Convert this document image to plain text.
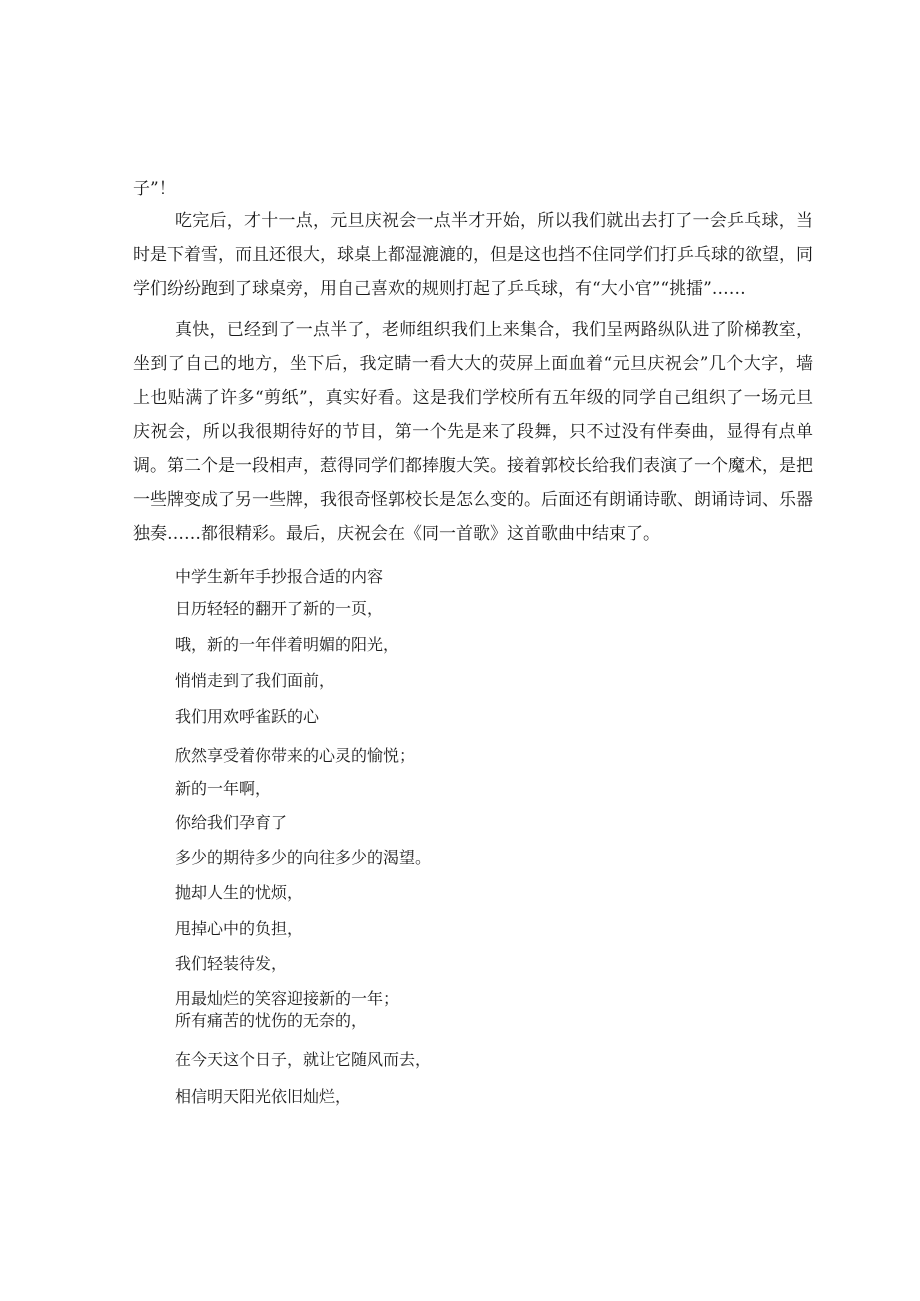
子”！

吃完后，才十一点，元旦庆祝会一点半才开始，所以我们就出去打了一会乒乓球，当时是下着雪，而且还很大，球桌上都湿漉漉的，但是这也挡不住同学们打乒乓球的欲望，同学们纷纷跑到了球桌旁，用自己喜欢的规则打起了乒乓球，有“大小官”“挑擂”……

真快，已经到了一点半了，老师组织我们上来集合，我们呈两路纵队进了阶梯教室，坐到了自己的地方，坐下后，我定睛一看大大的荧屏上面血着“元旦庆祝会”几个大字，墙上也贴满了许多“剪纸”，真实好看。这是我们学校所有五年级的同学自己组织了一场元旦庆祝会，所以我很期待好的节目，第一个先是来了段舞，只不过没有伴奏曲，显得有点单调。第二个是一段相声，惹得同学们都捧腹大笑。接着郭校长给我们表演了一个魔术，是把一些牌变成了另一些牌，我很奇怪郭校长是怎么变的。后面还有朗诵诗歌、朗诵诗词、乐器独奏……都很精彩。最后，庆祝会在《同一首歌》这首歌曲中结束了。

中学生新年手抄报合适的内容
日历轻轻的翻开了新的一页，
哦，新的一年伴着明媚的阳光，
悄悄走到了我们面前，
我们用欢呼雀跃的心
欣然享受着你带来的心灵的愉悦；
新的一年啊，
你给我们孕育了
多少的期待多少的向往多少的渴望。
抛却人生的忧烦，
甩掉心中的负担，
我们轻装待发，
用最灿烂的笑容迎接新的一年；
所有痛苦的忧伤的无奈的，
在今天这个日子，就让它随风而去，
相信明天阳光依旧灿烂，
